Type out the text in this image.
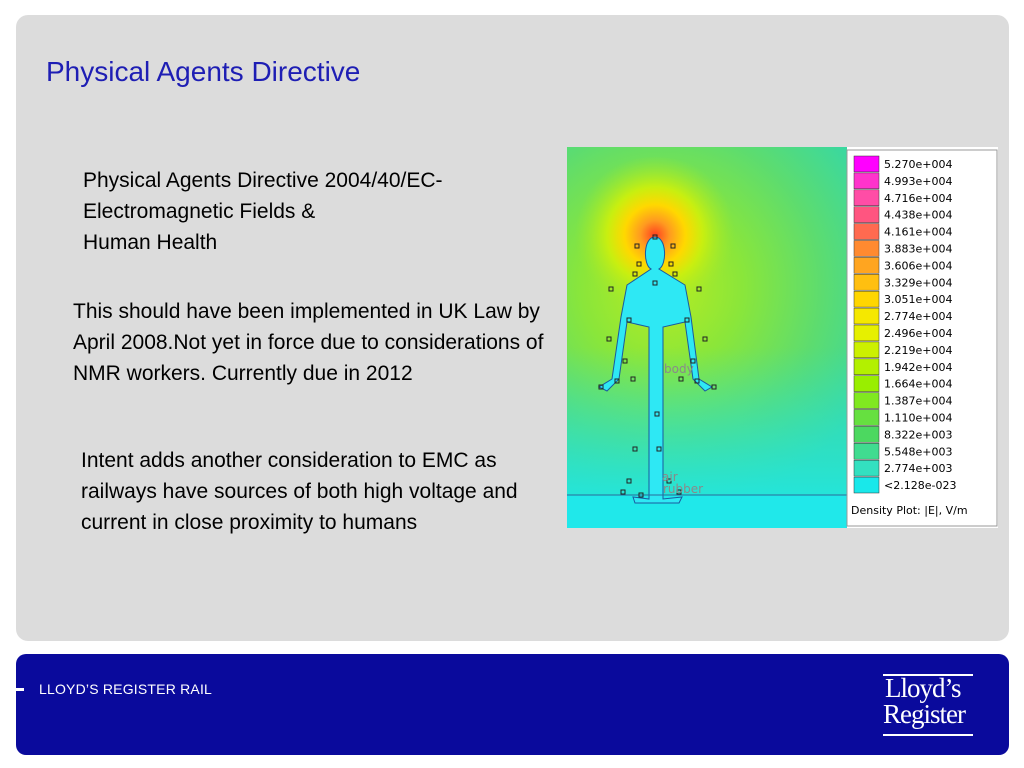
Physical Agents Directive
Physical Agents Directive 2004/40/EC-
Electromagnetic Fields &
Human Health
This should have been implemented in UK Law by April 2008.Not yet in force due to considerations of NMR workers. Currently due in 2012
Intent adds another consideration to EMC as railways have sources of both high voltage and current in close proximity to humans
body
air
rubber
5.270e+004
4.993e+004
4.716e+004
4.438e+004
4.161e+004
3.883e+004
3.606e+004
3.329e+004
3.051e+004
2.774e+004
2.496e+004
2.219e+004
1.942e+004
1.664e+004
1.387e+004
1.110e+004
8.322e+003
5.548e+003
2.774e+003
<2.128e-023
Density Plot: |E|, V/m
LLOYD’S REGISTER RAIL	Lloyd’s
Register
